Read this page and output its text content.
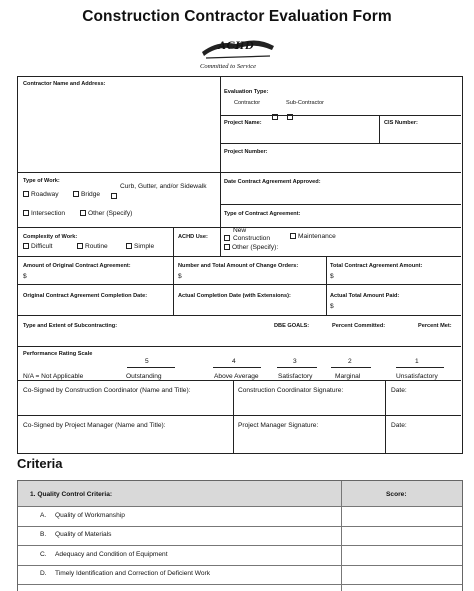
Construction Contractor Evaluation Form
ACHD
Committed to Service
Contractor Name and Address:
Evaluation Type:
Contractor	Sub-Contractor
Project Name:	CIS Number:
Project Number:
Type of Work:
Roadway	Bridge
Curb, Gutter, and/or Sidewalk
Intersection	Other (Specify)
Date Contract Agreement Approved:
Type of Contract Agreement:
Complexity of Work:
Difficult	Routine	Simple
ACHD Use:
New Construction	Maintenance
Other (Specify):
Amount of Original Contract Agreement:
$
Number and Total Amount of Change Orders:
$
Total Contract Agreement Amount:
$
Original Contract Agreement Completion Date:	Actual Completion Date (with Extensions):	Actual Total Amount Paid:
$
Type and Extent of Subcontracting:	DBE GOALS:	Percent Committed:	Percent Met:
Performance Rating Scale
N/A = Not Applicable
5
Outstanding
4
Above Average
3
Satisfactory
2
Marginal
1
Unsatisfactory
Co-Signed by Construction Coordinator (Name and Title):	Construction Coordinator Signature:	Date:
Co-Signed by Project Manager (Name and Title):	Project Manager Signature:	Date:
Criteria
1. Quality Control Criteria:	Score:
A. Quality of Workmanship
B. Quality of Materials
C. Adequacy and Condition of Equipment
D. Timely Identification and Correction of Deficient Work
